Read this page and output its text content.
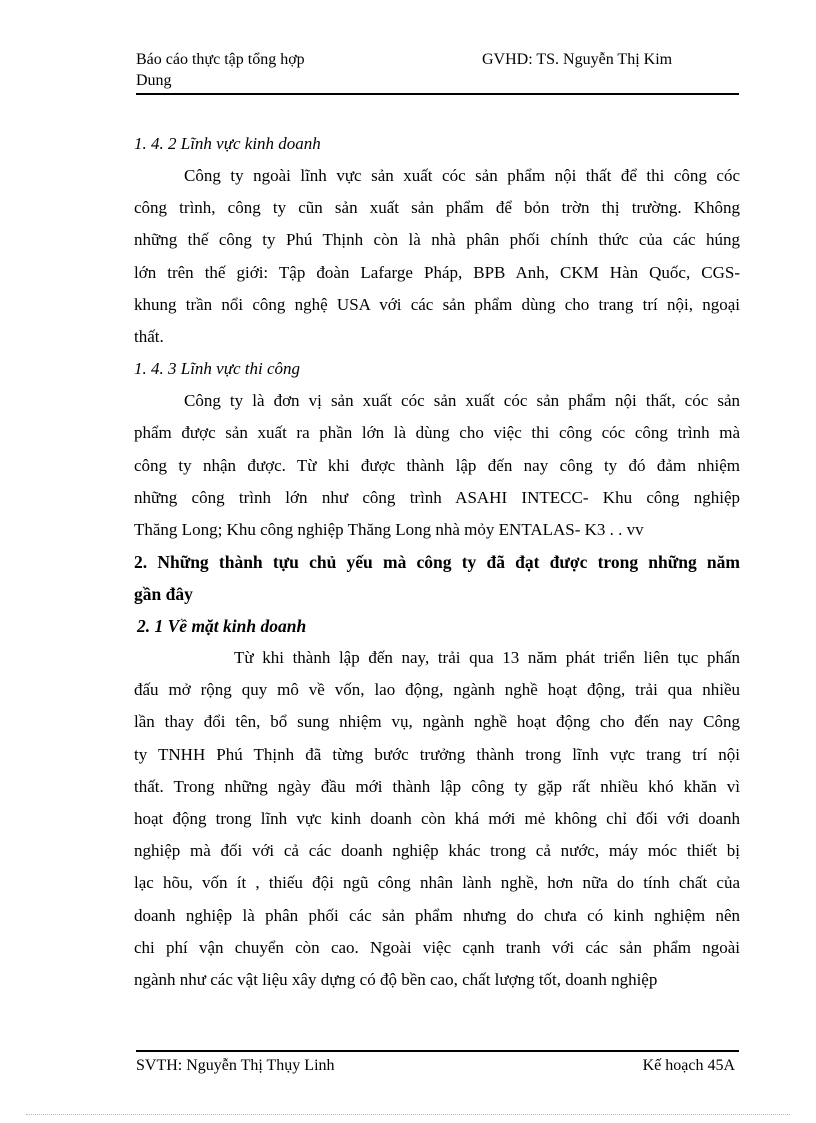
Báo cáo thực tập tổng hợp
Dung
GVHD: TS. Nguyễn Thị Kim
1. 4. 2 Lĩnh vực kinh doanh
Công ty ngoài lĩnh vực sản xuất cóc sản phẩm nội thất để thi công cóc
công trình, công ty cũn sản xuất sản phẩm để bỏn trờn thị trường. Không
những thế công ty Phú Thịnh còn là nhà phân phối chính thức của các húng
lớn trên thế giới: Tập đoàn Lafarge Pháp, BPB Anh, CKM Hàn Quốc, CGS-
khung trần nổi công nghệ USA với các sản phẩm dùng cho trang trí nội, ngoại
thất.
1. 4. 3 Lĩnh vực thi công
Công ty là đơn vị sản xuất cóc sản xuất cóc sản phẩm nội thất, cóc sản
phẩm được sản xuất ra phần lớn là dùng cho việc thi công cóc công trình mà
công ty nhận được. Từ khi được thành lập đến nay công ty đó đảm nhiệm
những công trình lớn như công trình ASAHI INTECC- Khu công nghiệp
Thăng Long; Khu công nghiệp Thăng Long nhà mỏy ENTALAS- K3 . . vv
2. Những thành tựu chủ yếu mà công ty đã đạt được trong những năm
gần đây
2. 1 Về mặt kinh doanh
Từ khi thành lập đến nay, trải qua 13 năm phát triển liên tục phấn
đấu mở rộng quy mô về vốn, lao động, ngành nghề hoạt động, trải qua nhiều
lần thay đổi tên, bổ sung nhiệm vụ, ngành nghề hoạt động cho đến nay Công
ty TNHH Phú Thịnh đã từng bước trưởng thành trong lĩnh vực trang trí nội
thất. Trong những ngày đầu mới thành lập công ty gặp rất nhiều khó khăn vì
hoạt động trong lĩnh vực kinh doanh còn khá mới mẻ không chỉ đối với doanh
nghiệp mà đối với cả các doanh nghiệp khác trong cả nước, máy móc thiết bị
lạc hõu, vốn ít , thiếu đội ngũ công nhân lành nghề, hơn nữa do tính chất của
doanh nghiệp là phân phối các sản phẩm nhưng do chưa có kinh nghiệm nên
chi phí vận chuyển còn cao. Ngoài việc cạnh tranh với các sản phẩm ngoài
ngành như các vật liệu xây dựng có độ bền cao, chất lượng tốt, doanh nghiệp
SVTH: Nguyễn Thị Thụy Linh	Kế hoạch 45A
